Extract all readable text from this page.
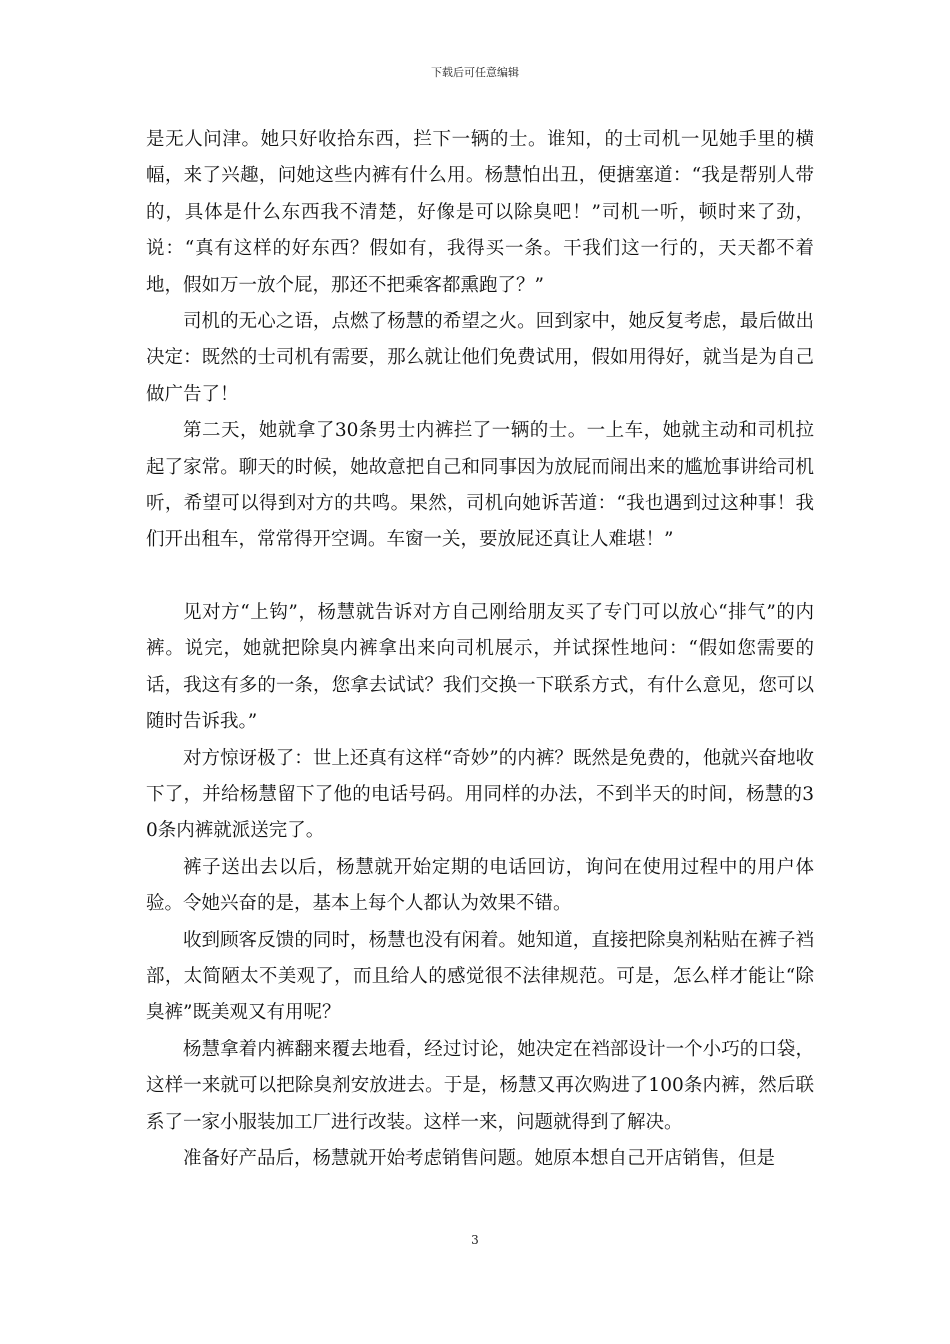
下载后可任意编辑

是无人问津。她只好收拾东西，拦下一辆的士。谁知，的士司机一见她手里的横幅，来了兴趣，问她这些内裤有什么用。杨慧怕出丑，便搪塞道：“我是帮别人带的，具体是什么东西我不清楚，好像是可以除臭吧！”司机一听，顿时来了劲，说：“真有这样的好东西？假如有，我得买一条。干我们这一行的，天天都不着地，假如万一放个屁，那还不把乘客都熏跑了？”

司机的无心之语，点燃了杨慧的希望之火。回到家中，她反复考虑，最后做出决定：既然的士司机有需要，那么就让他们免费试用，假如用得好，就当是为自己做广告了！

第二天，她就拿了30条男士内裤拦了一辆的士。一上车，她就主动和司机拉起了家常。聊天的时候，她故意把自己和同事因为放屁而闹出来的尴尬事讲给司机听，希望可以得到对方的共鸣。果然，司机向她诉苦道：“我也遇到过这种事！我们开出租车，常常得开空调。车窗一关，要放屁还真让人难堪！”

见对方“上钩”，杨慧就告诉对方自己刚给朋友买了专门可以放心“排气”的内裤。说完，她就把除臭内裤拿出来向司机展示，并试探性地问：“假如您需要的话，我这有多的一条，您拿去试试？我们交换一下联系方式，有什么意见，您可以随时告诉我。”

对方惊讶极了：世上还真有这样“奇妙”的内裤？既然是免费的，他就兴奋地收下了，并给杨慧留下了他的电话号码。用同样的办法，不到半天的时间，杨慧的30条内裤就派送完了。

裤子送出去以后，杨慧就开始定期的电话回访，询问在使用过程中的用户体验。令她兴奋的是，基本上每个人都认为效果不错。

收到顾客反馈的同时，杨慧也没有闲着。她知道，直接把除臭剂粘贴在裤子裆部，太简陋太不美观了，而且给人的感觉很不法律规范。可是，怎么样才能让“除臭裤”既美观又有用呢？

杨慧拿着内裤翻来覆去地看，经过讨论，她决定在裆部设计一个小巧的口袋，这样一来就可以把除臭剂安放进去。于是，杨慧又再次购进了100条内裤，然后联系了一家小服装加工厂进行改装。这样一来，问题就得到了解决。

准备好产品后，杨慧就开始考虑销售问题。她原本想自己开店销售，但是

3
